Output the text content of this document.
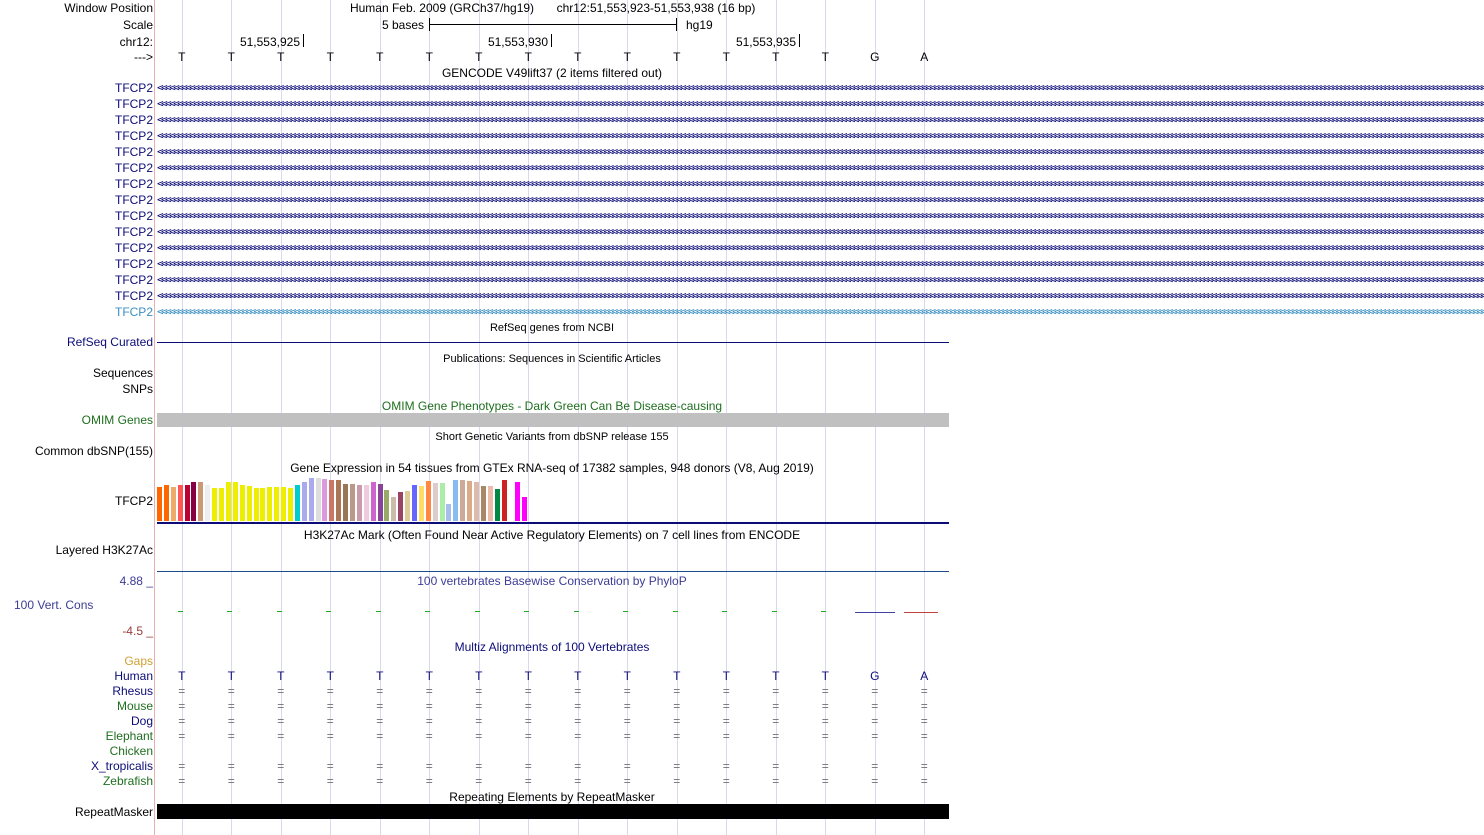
Window Position	Human Feb. 2009 (GRCh37/hg19) chr12:51,553,923-51,553,938 (16 bp)
Scale	5 bases	hg19
chr12:	51,553,925	51,553,930	51,553,935
--->	T	T	T	T	T	T	T	T	T	T	T	T	T	T	G	A
GENCODE V49lift37 (2 items filtered out)
TFCP2 <<<<<<<<<<<<<<<<<<<<<<<<<<<<<<<<<<<<<<<<<<<<<<<<<<<<<<<<<<<<<<<<<<<<<<<<<<<<<<<<<<<<<<<<<<<<<<<<<<<<<<<<<<<<<<<<<<<<<<<<<<<<<<<<<<<<<<<<<<<<<<<<<<<<<<<<<<<<<<<<<<<<<<<<<<<<<<<<<<<<<<<<<<<<<<<<<<<<<<<<<<<<<<<<<<<<<<<<<<<<<<<<<<<<<<<<<<<<<<<<<<<<<<<<<<<<<<<<<<<<<<<<<<<<<<<<<<<<<<<<<<<<<<<<<<<<<<<<<<<<<<<<<<<<<<<<<<<<<<<<<<<<<<<<<<
TFCP2 <<<<<<<<<<<<<<<<<<<<<<<<<<<<<<<<<<<<<<<<<<<<<<<<<<<<<<<<<<<<<<<<<<<<<<<<<<<<<<<<<<<<<<<<<<<<<<<<<<<<<<<<<<<<<<<<<<<<<<<<<<<<<<<<<<<<<<<<<<<<<<<<<<<<<<<<<<<<<<<<<<<<<<<<<<<<<<<<<<<<<<<<<<<<<<<<<<<<<<<<<<<<<<<<<<<<<<<<<<<<<<<<<<<<<<<<<<<<<<<<<<<<<<<<<<<<<<<<<<<<<<<<<<<<<<<<<<<<<<<<<<<<<<<<<<<<<<<<<<<<<<<<<<<<<<<<<<<<<<<<<<<<<<<<<<
TFCP2 <<<<<<<<<<<<<<<<<<<<<<<<<<<<<<<<<<<<<<<<<<<<<<<<<<<<<<<<<<<<<<<<<<<<<<<<<<<<<<<<<<<<<<<<<<<<<<<<<<<<<<<<<<<<<<<<<<<<<<<<<<<<<<<<<<<<<<<<<<<<<<<<<<<<<<<<<<<<<<<<<<<<<<<<<<<<<<<<<<<<<<<<<<<<<<<<<<<<<<<<<<<<<<<<<<<<<<<<<<<<<<<<<<<<<<<<<<<<<<<<<<<<<<<<<<<<<<<<<<<<<<<<<<<<<<<<<<<<<<<<<<<<<<<<<<<<<<<<<<<<<<<<<<<<<<<<<<<<<<<<<<<<<<<<<<
TFCP2 <<<<<<<<<<<<<<<<<<<<<<<<<<<<<<<<<<<<<<<<<<<<<<<<<<<<<<<<<<<<<<<<<<<<<<<<<<<<<<<<<<<<<<<<<<<<<<<<<<<<<<<<<<<<<<<<<<<<<<<<<<<<<<<<<<<<<<<<<<<<<<<<<<<<<<<<<<<<<<<<<<<<<<<<<<<<<<<<<<<<<<<<<<<<<<<<<<<<<<<<<<<<<<<<<<<<<<<<<<<<<<<<<<<<<<<<<<<<<<<<<<<<<<<<<<<<<<<<<<<<<<<<<<<<<<<<<<<<<<<<<<<<<<<<<<<<<<<<<<<<<<<<<<<<<<<<<<<<<<<<<<<<<<<<<<
TFCP2 <<<<<<<<<<<<<<<<<<<<<<<<<<<<<<<<<<<<<<<<<<<<<<<<<<<<<<<<<<<<<<<<<<<<<<<<<<<<<<<<<<<<<<<<<<<<<<<<<<<<<<<<<<<<<<<<<<<<<<<<<<<<<<<<<<<<<<<<<<<<<<<<<<<<<<<<<<<<<<<<<<<<<<<<<<<<<<<<<<<<<<<<<<<<<<<<<<<<<<<<<<<<<<<<<<<<<<<<<<<<<<<<<<<<<<<<<<<<<<<<<<<<<<<<<<<<<<<<<<<<<<<<<<<<<<<<<<<<<<<<<<<<<<<<<<<<<<<<<<<<<<<<<<<<<<<<<<<<<<<<<<<<<<<<<<
TFCP2 <<<<<<<<<<<<<<<<<<<<<<<<<<<<<<<<<<<<<<<<<<<<<<<<<<<<<<<<<<<<<<<<<<<<<<<<<<<<<<<<<<<<<<<<<<<<<<<<<<<<<<<<<<<<<<<<<<<<<<<<<<<<<<<<<<<<<<<<<<<<<<<<<<<<<<<<<<<<<<<<<<<<<<<<<<<<<<<<<<<<<<<<<<<<<<<<<<<<<<<<<<<<<<<<<<<<<<<<<<<<<<<<<<<<<<<<<<<<<<<<<<<<<<<<<<<<<<<<<<<<<<<<<<<<<<<<<<<<<<<<<<<<<<<<<<<<<<<<<<<<<<<<<<<<<<<<<<<<<<<<<<<<<<<<<<
TFCP2 <<<<<<<<<<<<<<<<<<<<<<<<<<<<<<<<<<<<<<<<<<<<<<<<<<<<<<<<<<<<<<<<<<<<<<<<<<<<<<<<<<<<<<<<<<<<<<<<<<<<<<<<<<<<<<<<<<<<<<<<<<<<<<<<<<<<<<<<<<<<<<<<<<<<<<<<<<<<<<<<<<<<<<<<<<<<<<<<<<<<<<<<<<<<<<<<<<<<<<<<<<<<<<<<<<<<<<<<<<<<<<<<<<<<<<<<<<<<<<<<<<<<<<<<<<<<<<<<<<<<<<<<<<<<<<<<<<<<<<<<<<<<<<<<<<<<<<<<<<<<<<<<<<<<<<<<<<<<<<<<<<<<<<<<<<
TFCP2 <<<<<<<<<<<<<<<<<<<<<<<<<<<<<<<<<<<<<<<<<<<<<<<<<<<<<<<<<<<<<<<<<<<<<<<<<<<<<<<<<<<<<<<<<<<<<<<<<<<<<<<<<<<<<<<<<<<<<<<<<<<<<<<<<<<<<<<<<<<<<<<<<<<<<<<<<<<<<<<<<<<<<<<<<<<<<<<<<<<<<<<<<<<<<<<<<<<<<<<<<<<<<<<<<<<<<<<<<<<<<<<<<<<<<<<<<<<<<<<<<<<<<<<<<<<<<<<<<<<<<<<<<<<<<<<<<<<<<<<<<<<<<<<<<<<<<<<<<<<<<<<<<<<<<<<<<<<<<<<<<<<<<<<<<<
TFCP2 <<<<<<<<<<<<<<<<<<<<<<<<<<<<<<<<<<<<<<<<<<<<<<<<<<<<<<<<<<<<<<<<<<<<<<<<<<<<<<<<<<<<<<<<<<<<<<<<<<<<<<<<<<<<<<<<<<<<<<<<<<<<<<<<<<<<<<<<<<<<<<<<<<<<<<<<<<<<<<<<<<<<<<<<<<<<<<<<<<<<<<<<<<<<<<<<<<<<<<<<<<<<<<<<<<<<<<<<<<<<<<<<<<<<<<<<<<<<<<<<<<<<<<<<<<<<<<<<<<<<<<<<<<<<<<<<<<<<<<<<<<<<<<<<<<<<<<<<<<<<<<<<<<<<<<<<<<<<<<<<<<<<<<<<<<
TFCP2 <<<<<<<<<<<<<<<<<<<<<<<<<<<<<<<<<<<<<<<<<<<<<<<<<<<<<<<<<<<<<<<<<<<<<<<<<<<<<<<<<<<<<<<<<<<<<<<<<<<<<<<<<<<<<<<<<<<<<<<<<<<<<<<<<<<<<<<<<<<<<<<<<<<<<<<<<<<<<<<<<<<<<<<<<<<<<<<<<<<<<<<<<<<<<<<<<<<<<<<<<<<<<<<<<<<<<<<<<<<<<<<<<<<<<<<<<<<<<<<<<<<<<<<<<<<<<<<<<<<<<<<<<<<<<<<<<<<<<<<<<<<<<<<<<<<<<<<<<<<<<<<<<<<<<<<<<<<<<<<<<<<<<<<<<<
TFCP2 <<<<<<<<<<<<<<<<<<<<<<<<<<<<<<<<<<<<<<<<<<<<<<<<<<<<<<<<<<<<<<<<<<<<<<<<<<<<<<<<<<<<<<<<<<<<<<<<<<<<<<<<<<<<<<<<<<<<<<<<<<<<<<<<<<<<<<<<<<<<<<<<<<<<<<<<<<<<<<<<<<<<<<<<<<<<<<<<<<<<<<<<<<<<<<<<<<<<<<<<<<<<<<<<<<<<<<<<<<<<<<<<<<<<<<<<<<<<<<<<<<<<<<<<<<<<<<<<<<<<<<<<<<<<<<<<<<<<<<<<<<<<<<<<<<<<<<<<<<<<<<<<<<<<<<<<<<<<<<<<<<<<<<<<<<
TFCP2 <<<<<<<<<<<<<<<<<<<<<<<<<<<<<<<<<<<<<<<<<<<<<<<<<<<<<<<<<<<<<<<<<<<<<<<<<<<<<<<<<<<<<<<<<<<<<<<<<<<<<<<<<<<<<<<<<<<<<<<<<<<<<<<<<<<<<<<<<<<<<<<<<<<<<<<<<<<<<<<<<<<<<<<<<<<<<<<<<<<<<<<<<<<<<<<<<<<<<<<<<<<<<<<<<<<<<<<<<<<<<<<<<<<<<<<<<<<<<<<<<<<<<<<<<<<<<<<<<<<<<<<<<<<<<<<<<<<<<<<<<<<<<<<<<<<<<<<<<<<<<<<<<<<<<<<<<<<<<<<<<<<<<<<<<<
TFCP2 <<<<<<<<<<<<<<<<<<<<<<<<<<<<<<<<<<<<<<<<<<<<<<<<<<<<<<<<<<<<<<<<<<<<<<<<<<<<<<<<<<<<<<<<<<<<<<<<<<<<<<<<<<<<<<<<<<<<<<<<<<<<<<<<<<<<<<<<<<<<<<<<<<<<<<<<<<<<<<<<<<<<<<<<<<<<<<<<<<<<<<<<<<<<<<<<<<<<<<<<<<<<<<<<<<<<<<<<<<<<<<<<<<<<<<<<<<<<<<<<<<<<<<<<<<<<<<<<<<<<<<<<<<<<<<<<<<<<<<<<<<<<<<<<<<<<<<<<<<<<<<<<<<<<<<<<<<<<<<<<<<<<<<<<<<
TFCP2 <<<<<<<<<<<<<<<<<<<<<<<<<<<<<<<<<<<<<<<<<<<<<<<<<<<<<<<<<<<<<<<<<<<<<<<<<<<<<<<<<<<<<<<<<<<<<<<<<<<<<<<<<<<<<<<<<<<<<<<<<<<<<<<<<<<<<<<<<<<<<<<<<<<<<<<<<<<<<<<<<<<<<<<<<<<<<<<<<<<<<<<<<<<<<<<<<<<<<<<<<<<<<<<<<<<<<<<<<<<<<<<<<<<<<<<<<<<<<<<<<<<<<<<<<<<<<<<<<<<<<<<<<<<<<<<<<<<<<<<<<<<<<<<<<<<<<<<<<<<<<<<<<<<<<<<<<<<<<<<<<<<<<<<<<<
TFCP2 <<<<<<<<<<<<<<<<<<<<<<<<<<<<<<<<<<<<<<<<<<<<<<<<<<<<<<<<<<<<<<<<<<<<<<<<<<<<<<<<<<<<<<<<<<<<<<<<<<<<<<<<<<<<<<<<<<<<<<<<<<<<<<<<<<<<<<<<<<<<<<<<<<<<<<<<<<<<<<<<<<<<<<<<<<<<<<<<<<<<<<<<<<<<<<<<<<<<<<<<<<<<<<<<<<<<<<<<<<<<<<<<<<<<<<<<<<<<<<<<<<<<<<<<<<<<<<<<<<<<<<<<<<<<<<<<<<<<<<<<<<<<<<<<<<<<<<<<<<<<<<<<<<<<<<<<<<<<<<<<<<<<<<<<<<
RefSeq genes from NCBI
RefSeq Curated
Publications: Sequences in Scientific Articles
Sequences
SNPs
OMIM Gene Phenotypes - Dark Green Can Be Disease-causing
OMIM Genes
Short Genetic Variants from dbSNP release 155
Common dbSNP(155)
Gene Expression in 54 tissues from GTEx RNA-seq of 17382 samples, 948 donors (V8, Aug 2019)
TFCP2
H3K27Ac Mark (Often Found Near Active Regulatory Elements) on 7 cell lines from ENCODE
Layered H3K27Ac
100 vertebrates Basewise Conservation by PhyloP
4.88 _
100 Vert. Cons
-4.5 _
Multiz Alignments of 100 Vertebrates
Gaps
Human	T	T	T	T	T	T	T	T	T	T	T	T	T	T	G	A
Rhesus	=	=	=	=	=	=	=	=	=	=	=	=	=	=	=	=
Mouse	=	=	=	=	=	=	=	=	=	=	=	=	=	=	=	=
Dog	=	=	=	=	=	=	=	=	=	=	=	=	=	=	=	=
Elephant	=	=	=	=	=	=	=	=	=	=	=	=	=	=	=	=
Chicken
X_tropicalis	=	=	=	=	=	=	=	=	=	=	=	=	=	=	=	=
Zebrafish	=	=	=	=	=	=	=	=	=	=	=	=	=	=	=	=
Repeating Elements by RepeatMasker
RepeatMasker
